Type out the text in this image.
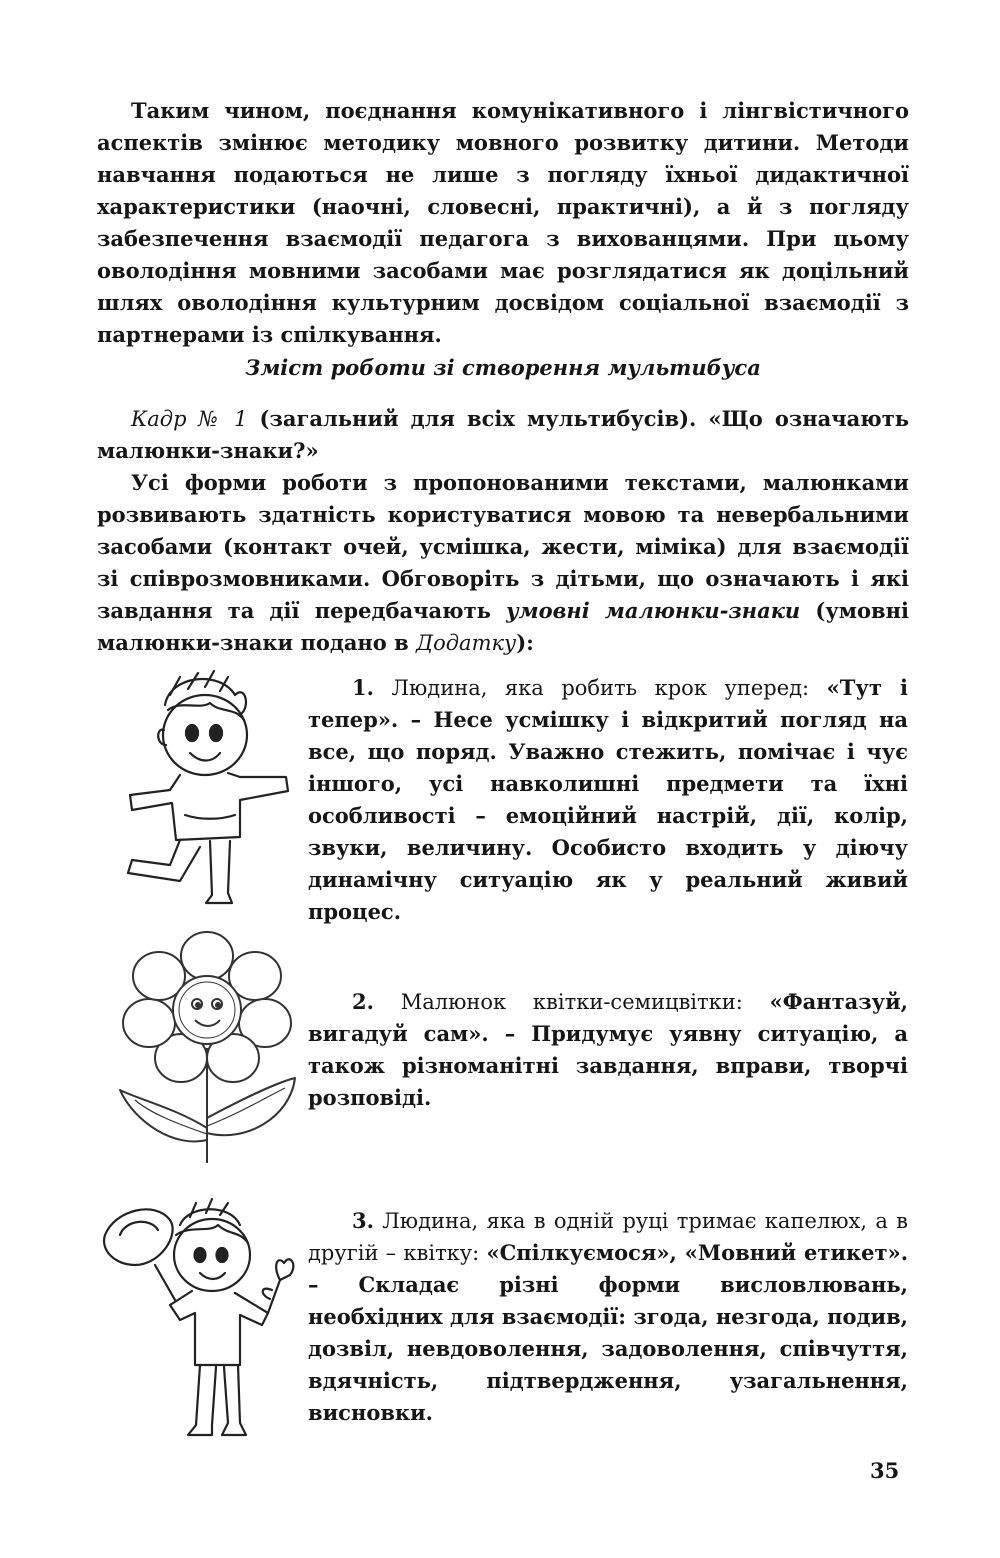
Таким чином, поєднання комунікативного і лінгвістичного аспектів змінює методику мовного розвитку дитини. Методи навчання подаються не лише з погляду їхньої дидактичної характеристики (наочні, словесні, практичні), а й з погляду забезпечення взаємодії педагога з вихованцями. При цьому оволодіння мовними засобами має розглядатися як доцільний шлях оволодіння культурним досвідом соціальної взаємодії з партнерами із спілкування.

Зміст роботи зі створення мультибуса

Кадр № 1 (загальний для всіх мультибусів). «Що означають малюнки-знаки?»

Усі форми роботи з пропонованими текстами, малюнками розвивають здатність користуватися мовою та невербальними засобами (контакт очей, усмішка, жести, міміка) для взаємодії зі співрозмовниками. Обговоріть з дітьми, що означають і які завдання та дії передбачають умовні малюнки-знаки (умовні малюнки-знаки подано в Додатку):

1. Людина, яка робить крок уперед: «Тут і тепер». – Несе усмішку і відкритий погляд на все, що поряд. Уважно стежить, помічає і чує іншого, усі навколишні предмети та їхні особливості – емоційний настрій, дії, колір, звуки, величину. Особисто входить у діючу динамічну ситуацію як у реальний живий процес.

2. Малюнок квітки-семицвітки: «Фантазуй, вигадуй сам». – Придумує уявну ситуацію, а також різноманітні завдання, вправи, творчі розповіді.

3. Людина, яка в одній руці тримає капелюх, а в другій – квітку: «Спілкуємося», «Мовний етикет». – Складає різні форми висловлювань, необхідних для взаємодії: згода, незгода, подив, дозвіл, невдоволення, задоволення, співчуття, вдячність, підтвердження, узагальнення, висновки.

35
